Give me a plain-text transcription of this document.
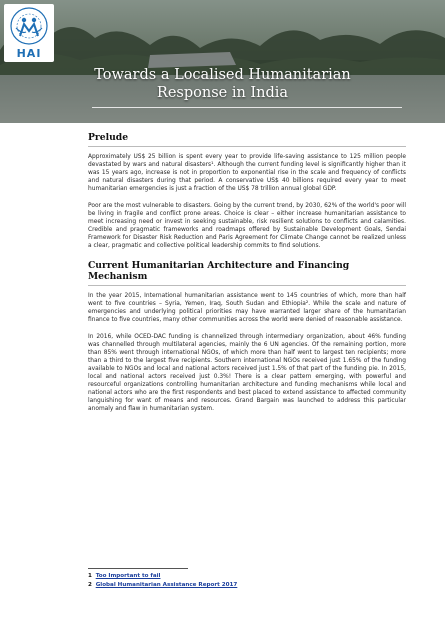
HAI
Towards a Localised Humanitarian
Response in India
Prelude

Approximately US$ 25 billion is spent every year to provide life-saving assistance to 125 million people devastated by wars and natural disasters¹. Although the current funding level is significantly higher than it was 15 years ago, increase is not in proportion to exponential rise in the scale and frequency of conflicts and natural disasters during that period. A conservative US$ 40 billions required every year to meet humanitarian emergencies is just a fraction of the US$ 78 trillion annual global GDP.

Poor are the most vulnerable to disasters. Going by the current trend, by 2030, 62% of the world's poor will be living in fragile and conflict prone areas. Choice is clear – either increase humanitarian assistance to meet increasing need or invest in seeking sustainable, risk resilient solutions to conflicts and calamities. Credible and pragmatic frameworks and roadmaps offered by Sustainable Development Goals, Sendai Framework for Disaster Risk Reduction and Paris Agreement for Climate Change cannot be realized unless a clear, pragmatic and collective political leadership commits to find solutions.

Current Humanitarian Architecture and Financing Mechanism

In the year 2015, International humanitarian assistance went to 145 countries of which, more than half went to five countries – Syria, Yemen, Iraq, South Sudan and Ethiopia². While the scale and nature of emergencies and underlying political priorities may have warranted larger share of the humanitarian finance to five countries, many other communities across the world were denied of reasonable assistance.

In 2016, while OCED-DAC funding is channelized through intermediary organization, about 46% funding was channelled through multilateral agencies, mainly the 6 UN agencies. Of the remaining portion, more than 85% went through international NGOs, of which more than half went to largest ten recipients; more than a third to the largest five recipients. Southern international NGOs received just 1.65% of the funding available to NGOs and local and national actors received just 1.5% of that part of the funding pie. In 2015, local and national actors received just 0.3%! There is a clear pattern emerging, with powerful and resourceful organizations controlling humanitarian architecture and funding mechanisms while local and national actors who are the first respondents and best placed to extend assistance to affected community languishing for want of means and resources. Grand Bargain was launched to address this particular anomaly and flaw in humanitarian system.

1 Too Important to fail
2 Global Humanitarian Assistance Report 2017
